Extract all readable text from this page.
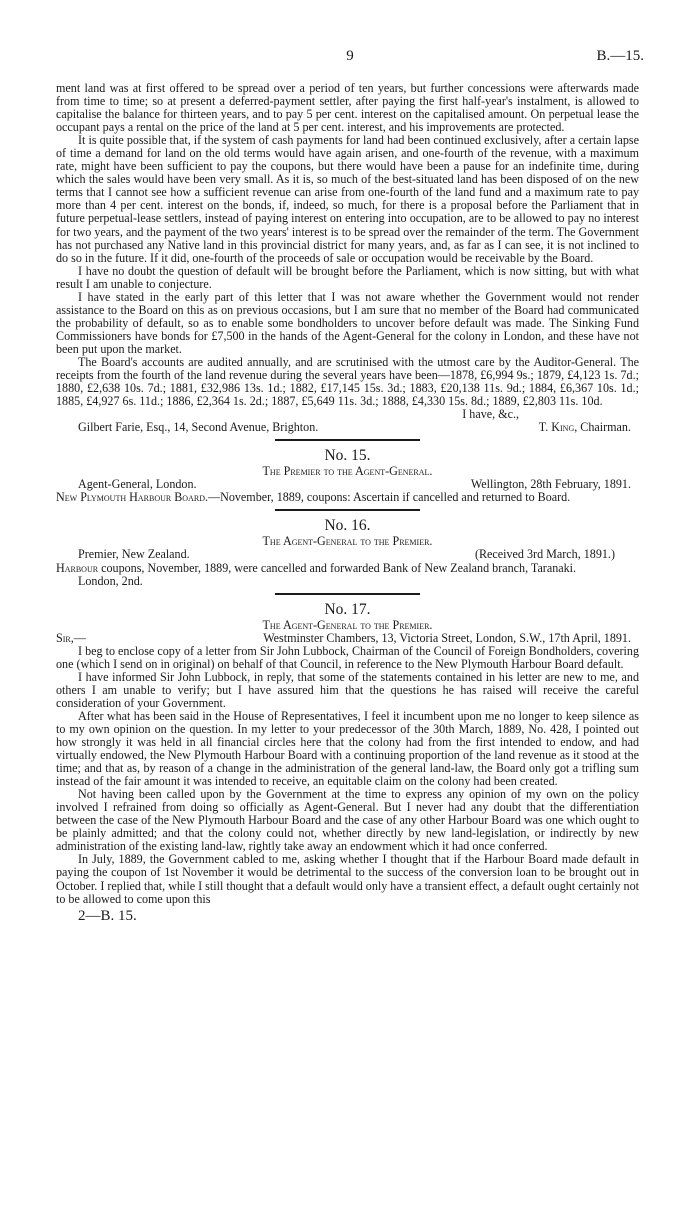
9	B.—15.

ment land was at first offered to be spread over a period of ten years, but further concessions were afterwards made from time to time; so at present a deferred-payment settler, after paying the first half-year's instalment, is allowed to capitalise the balance for thirteen years, and to pay 5 per cent. interest on the capitalised amount. On perpetual lease the occupant pays a rental on the price of the land at 5 per cent. interest, and his improvements are protected.

It is quite possible that, if the system of cash payments for land had been continued exclusively, after a certain lapse of time a demand for land on the old terms would have again arisen, and one-fourth of the revenue, with a maximum rate, might have been sufficient to pay the coupons, but there would have been a pause for an indefinite time, during which the sales would have been very small. As it is, so much of the best-situated land has been disposed of on the new terms that I cannot see how a sufficient revenue can arise from one-fourth of the land fund and a maximum rate to pay more than 4 per cent. interest on the bonds, if, indeed, so much, for there is a proposal before the Parliament that in future perpetual-lease settlers, instead of paying interest on entering into occupation, are to be allowed to pay no interest for two years, and the payment of the two years' interest is to be spread over the remainder of the term. The Government has not purchased any Native land in this provincial district for many years, and, as far as I can see, it is not inclined to do so in the future. If it did, one-fourth of the proceeds of sale or occupation would be receivable by the Board.

I have no doubt the question of default will be brought before the Parliament, which is now sitting, but with what result I am unable to conjecture.

I have stated in the early part of this letter that I was not aware whether the Government would not render assistance to the Board on this as on previous occasions, but I am sure that no member of the Board had communicated the probability of default, so as to enable some bondholders to uncover before default was made. The Sinking Fund Commissioners have bonds for £7,500 in the hands of the Agent-General for the colony in London, and these have not been put upon the market.

The Board's accounts are audited annually, and are scrutinised with the utmost care by the Auditor-General. The receipts from the fourth of the land revenue during the several years have been—1878, £6,994 9s.; 1879, £4,123 1s. 7d.; 1880, £2,638 10s. 7d.; 1881, £32,986 13s. 1d.; 1882, £17,145 15s. 3d.; 1883, £20,138 11s. 9d.; 1884, £6,367 10s. 1d.; 1885, £4,927 6s. 11d.; 1886, £2,364 1s. 2d.; 1887, £5,649 11s. 3d.; 1888, £4,330 15s. 8d.; 1889, £2,803 11s. 10d.

I have, &c.,

Gilbert Farie, Esq., 14, Second Avenue, Brighton.	T. King, Chairman.
No. 15.

The Premier to the Agent-General.

Agent-General, London.	Wellington, 28th February, 1891.

New Plymouth Harbour Board.—November, 1889, coupons: Ascertain if cancelled and returned to Board.

No. 16.

The Agent-General to the Premier.

Premier, New Zealand.	(Received 3rd March, 1891.)

Harbour coupons, November, 1889, were cancelled and forwarded Bank of New Zealand branch, Taranaki.

London, 2nd.

No. 17.

The Agent-General to the Premier.

Sir,—	Westminster Chambers, 13, Victoria Street, London, S.W., 17th April, 1891.

I beg to enclose copy of a letter from Sir John Lubbock, Chairman of the Council of Foreign Bondholders, covering one (which I send on in original) on behalf of that Council, in reference to the New Plymouth Harbour Board default.

I have informed Sir John Lubbock, in reply, that some of the statements contained in his letter are new to me, and others I am unable to verify; but I have assured him that the questions he has raised will receive the careful consideration of your Government.

After what has been said in the House of Representatives, I feel it incumbent upon me no longer to keep silence as to my own opinion on the question. In my letter to your predecessor of the 30th March, 1889, No. 428, I pointed out how strongly it was held in all financial circles here that the colony had from the first intended to endow, and had virtually endowed, the New Plymouth Harbour Board with a continuing proportion of the land revenue as it stood at the time; and that as, by reason of a change in the administration of the general land-law, the Board only got a trifling sum instead of the fair amount it was intended to receive, an equitable claim on the colony had been created.

Not having been called upon by the Government at the time to express any opinion of my own on the policy involved I refrained from doing so officially as Agent-General. But I never had any doubt that the differentiation between the case of the New Plymouth Harbour Board and the case of any other Harbour Board was one which ought to be plainly admitted; and that the colony could not, whether directly by new land-legislation, or indirectly by new administration of the existing land-law, rightly take away an endowment which it had once conferred.

In July, 1889, the Government cabled to me, asking whether I thought that if the Harbour Board made default in paying the coupon of 1st November it would be detrimental to the success of the conversion loan to be brought out in October. I replied that, while I still thought that a default would only have a transient effect, a default ought certainly not to be allowed to come upon this

2—B. 15.
